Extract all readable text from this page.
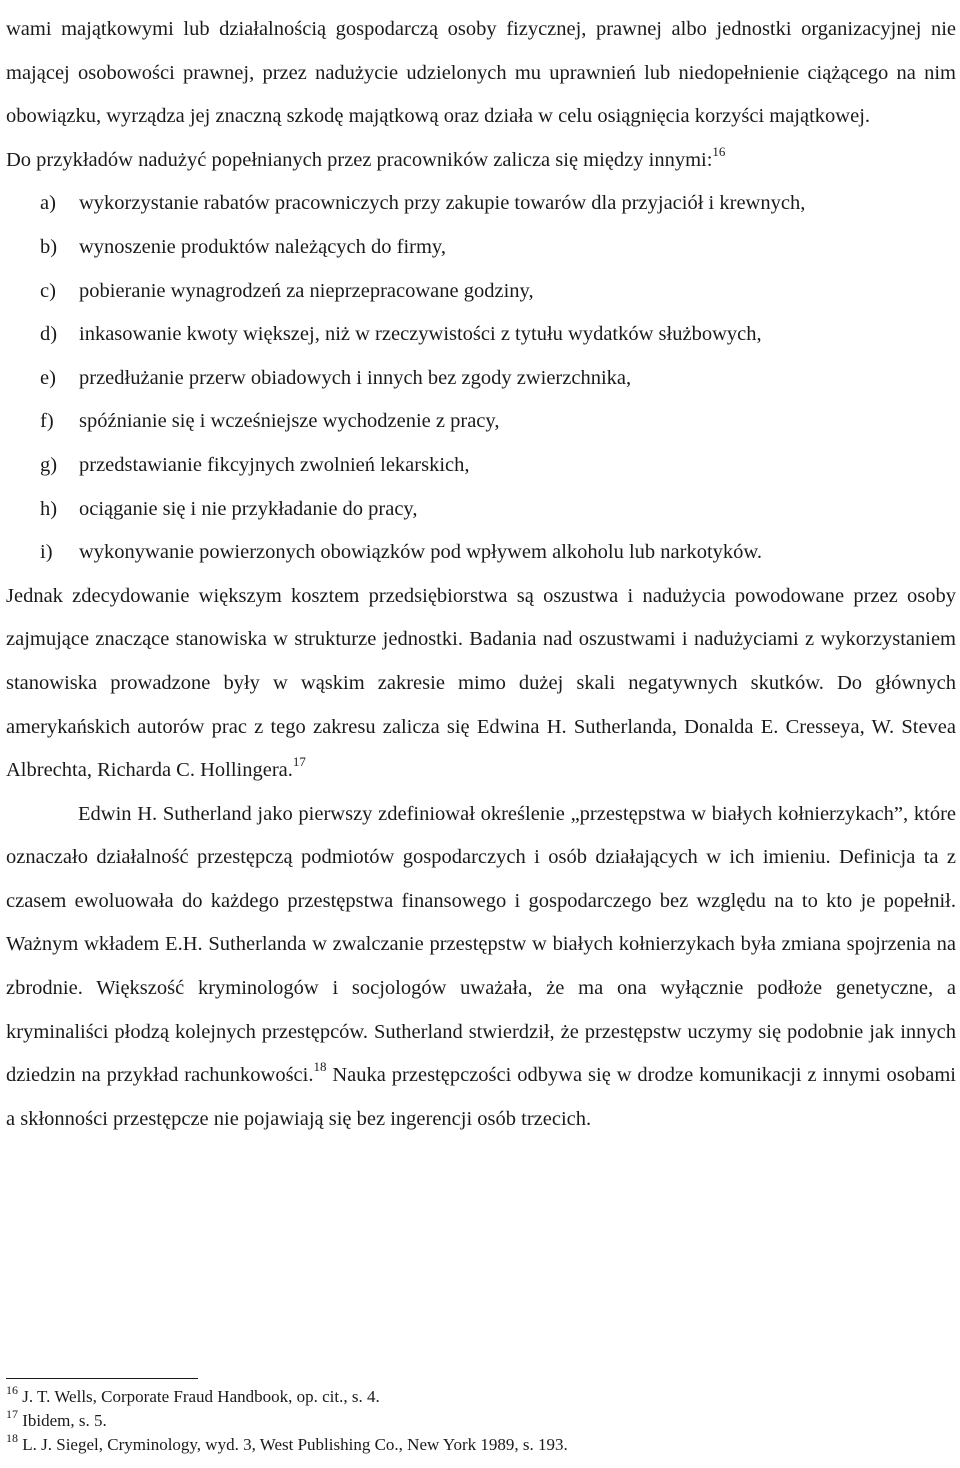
wami majątkowymi lub działalnością gospodarczą osoby fizycznej, prawnej albo jednostki organizacyjnej nie mającej osobowości prawnej, przez nadużycie udzielonych mu uprawnień lub niedopełnienie ciążącego na nim obowiązku, wyrządza jej znaczną szkodę majątkową oraz działa w celu osiągnięcia korzyści majątkowej.

Do przykładów nadużyć popełnianych przez pracowników zalicza się między innymi:$^{16}$

a) wykorzystanie rabatów pracowniczych przy zakupie towarów dla przyjaciół i krewnych,
b) wynoszenie produktów należących do firmy,
c) pobieranie wynagrodzeń za nieprzepracowane godziny,
d) inkasowanie kwoty większej, niż w rzeczywistości z tytułu wydatków służbowych,
e) przedłużanie przerw obiadowych i innych bez zgody zwierzchnika,
f) spóźnianie się i wcześniejsze wychodzenie z pracy,
g) przedstawianie fikcyjnych zwolnień lekarskich,
h) ociąganie się i nie przykładanie do pracy,
i) wykonywanie powierzonych obowiązków pod wpływem alkoholu lub narkotyków.

Jednak zdecydowanie większym kosztem przedsiębiorstwa są oszustwa i nadużycia powodowane przez osoby zajmujące znaczące stanowiska w strukturze jednostki. Badania nad oszustwami i nadużyciami z wykorzystaniem stanowiska prowadzone były w wąskim zakresie mimo dużej skali negatywnych skutków. Do głównych amerykańskich autorów prac z tego zakresu zalicza się Edwina H. Sutherlanda, Donalda E. Cresseya, W. Stevea Albrechta, Richarda C. Hollingera.$^{17}$

Edwin H. Sutherland jako pierwszy zdefiniował określenie „przestępstwa w białych kołnierzykach”, które oznaczało działalność przestępczą podmiotów gospodarczych i osób działających w ich imieniu. Definicja ta z czasem ewoluowała do każdego przestępstwa finansowego i gospodarczego bez względu na to kto je popełnił. Ważnym wkładem E.H. Sutherlanda w zwalczanie przestępstw w białych kołnierzykach była zmiana spojrzenia na zbrodnie. Większość kryminologów i socjologów uważała, że ma ona wyłącznie podłoże genetyczne, a kryminaliści płodzą kolejnych przestępców. Sutherland stwierdził, że przestępstw uczymy się podobnie jak innych dziedzin na przykład rachunkowości.$^{18}$ Nauka przestępczości odbywa się w drodze komunikacji z innymi osobami a skłonności przestępcze nie pojawiają się bez ingerencji osób trzecich.

$^{16}$ J. T. Wells, Corporate Fraud Handbook, op. cit., s. 4.

$^{17}$ Ibidem, s. 5.

$^{18}$ L. J. Siegel, Cryminology, wyd. 3, West Publishing Co., New York 1989, s. 193.
